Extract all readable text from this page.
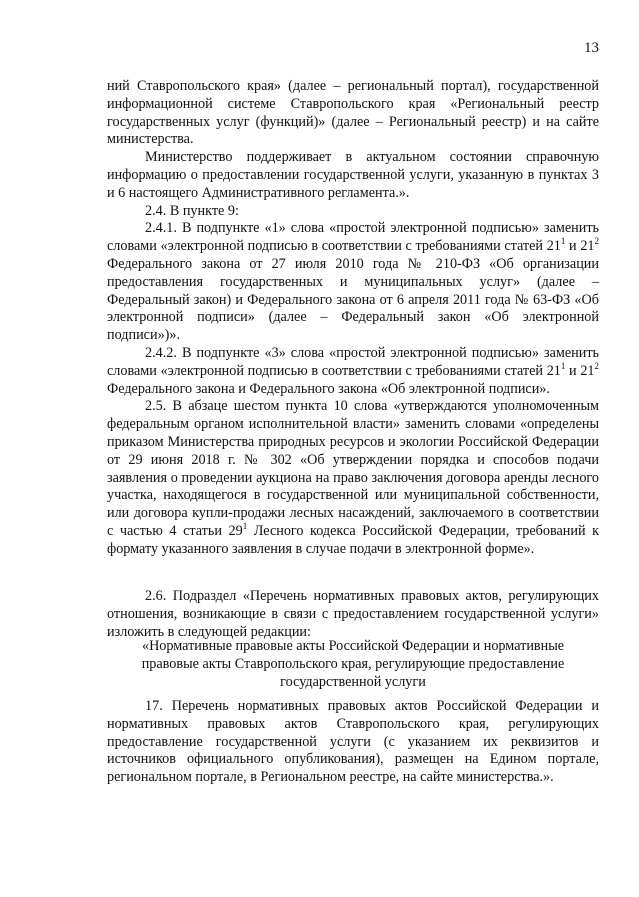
13

ний Ставропольского края» (далее – региональный портал), государственной информационной системе Ставропольского края «Региональный реестр государственных услуг (функций)» (далее – Региональный реестр) и на сайте министерства.

Министерство поддерживает в актуальном состоянии справочную информацию о предоставлении государственной услуги, указанную в пунктах 3 и 6 настоящего Административного регламента.».

2.4. В пункте 9:

2.4.1. В подпункте «1» слова «простой электронной подписью» заменить словами «электронной подписью в соответствии с требованиями статей $21^1$ и $21^2$ Федерального закона от 27 июля 2010 года № 210-ФЗ «Об организации предоставления государственных и муниципальных услуг» (далее – Федеральный закон) и Федерального закона от 6 апреля 2011 года № 63-ФЗ «Об электронной подписи» (далее – Федеральный закон «Об электронной подписи»)».

2.4.2. В подпункте «3» слова «простой электронной подписью» заменить словами «электронной подписью в соответствии с требованиями статей $21^1$ и $21^2$ Федерального закона и Федерального закона «Об электронной подписи».

2.5. В абзаце шестом пункта 10 слова «утверждаются уполномоченным федеральным органом исполнительной власти» заменить словами «определены приказом Министерства природных ресурсов и экологии Российской Федерации от 29 июня 2018 г. № 302 «Об утверждении порядка и способов подачи заявления о проведении аукциона на право заключения договора аренды лесного участка, находящегося в государственной или муниципальной собственности, или договора купли-продажи лесных насаждений, заключаемого в соответствии с частью 4 статьи $29^1$ Лесного кодекса Российской Федерации, требований к формату указанного заявления в случае подачи в электронной форме».

2.6. Подраздел «Перечень нормативных правовых актов, регулирующих отношения, возникающие в связи с предоставлением государственной услуги» изложить в следующей редакции:

«Нормативные правовые акты Российской Федерации и нормативные
правовые акты Ставропольского края, регулирующие предоставление
государственной услуги

17. Перечень нормативных правовых актов Российской Федерации и нормативных правовых актов Ставропольского края, регулирующих предоставление государственной услуги (с указанием их реквизитов и источников официального опубликования), размещен на Едином портале, региональном портале, в Региональном реестре, на сайте министерства.».
